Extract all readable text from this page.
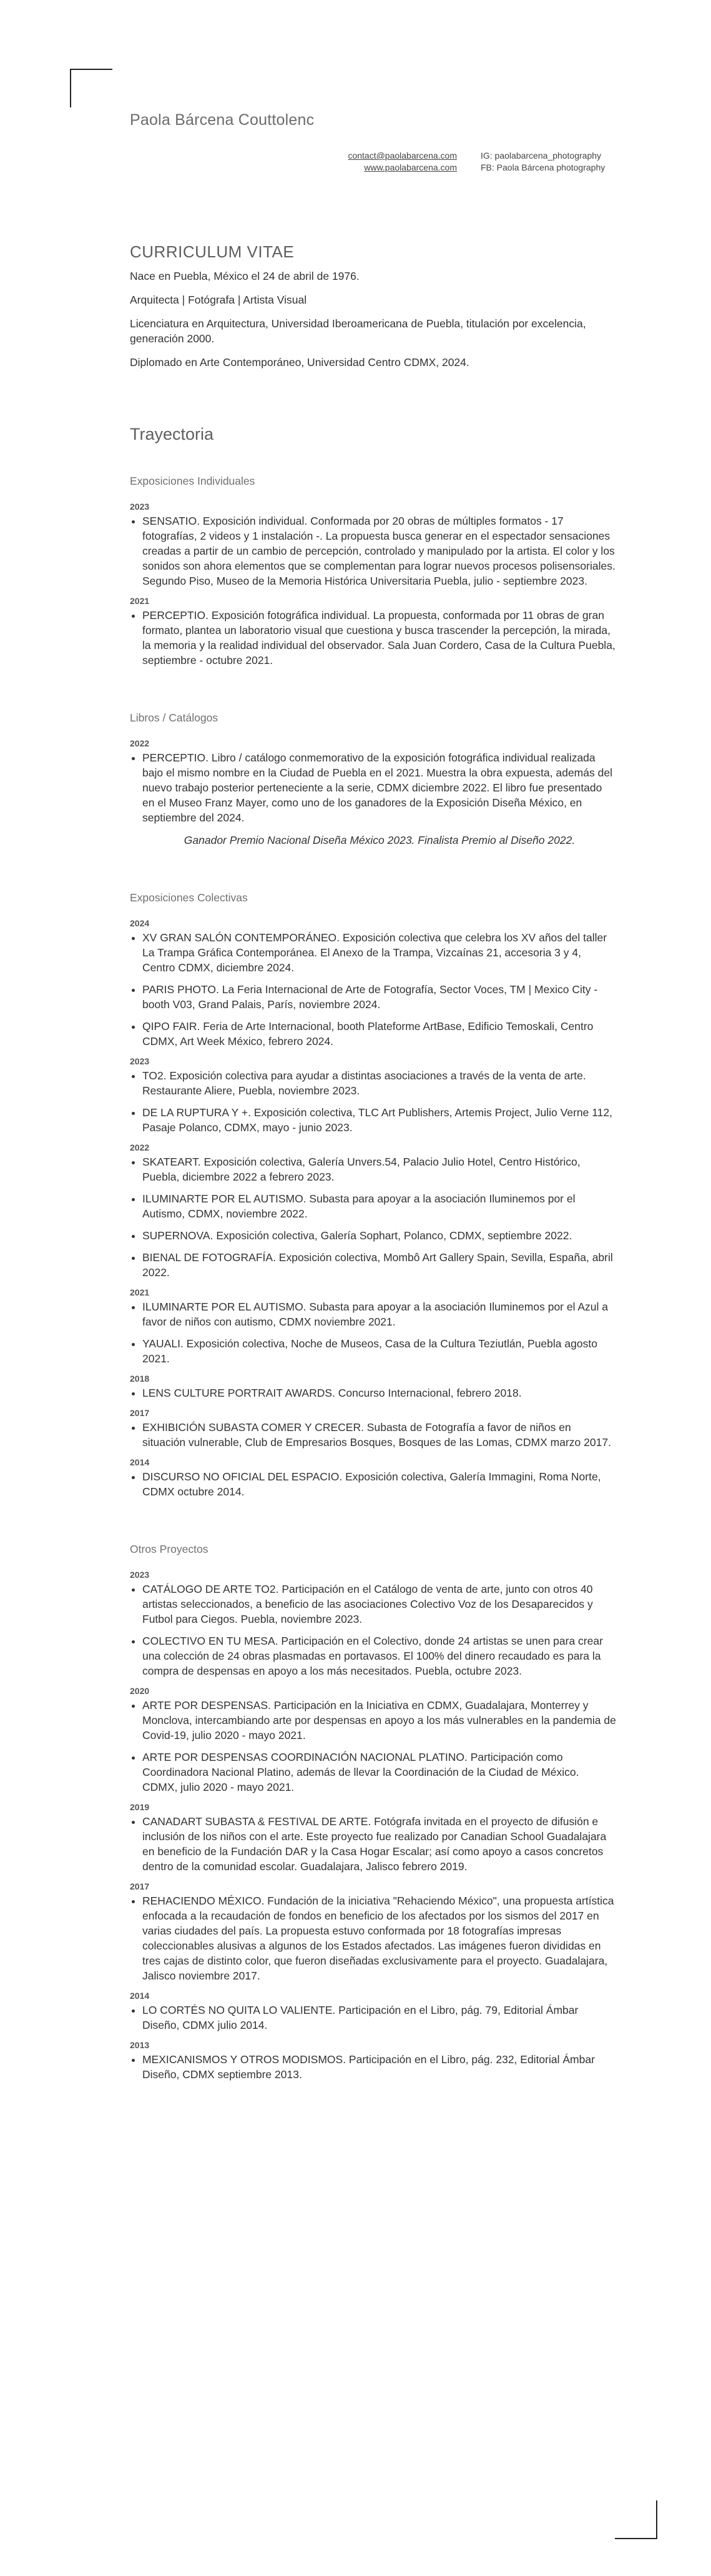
Paola Bárcena Couttolenc
contact@paolabarcena.com
www.paolabarcena.com
IG: paolabarcena_photography
FB: Paola Bárcena photography
CURRICULUM VITAE

Nace en Puebla, México el 24 de abril de 1976.

Arquitecta | Fotógrafa | Artista Visual

Licenciatura en Arquitectura, Universidad Iberoamericana de Puebla, titulación por excelencia, generación 2000.

Diplomado en Arte Contemporáneo, Universidad Centro CDMX, 2024.

Trayectoria
Exposiciones Individuales
2023
• SENSATIO. Exposición individual. Conformada por 20 obras de múltiples formatos - 17 fotografías, 2 videos y 1 instalación -. La propuesta busca generar en el espectador sensaciones creadas a partir de un cambio de percepción, controlado y manipulado por la artista. El color y los sonidos son ahora elementos que se complementan para lograr nuevos procesos polisensoriales. Segundo Piso, Museo de la Memoria Histórica Universitaria Puebla, julio - septiembre 2023.
2021
• PERCEPTIO. Exposición fotográfica individual. La propuesta, conformada por 11 obras de gran formato, plantea un laboratorio visual que cuestiona y busca trascender la percepción, la mirada, la memoria y la realidad individual del observador. Sala Juan Cordero, Casa de la Cultura Puebla, septiembre - octubre 2021.
Libros / Catálogos
2022
• PERCEPTIO. Libro / catálogo conmemorativo de la exposición fotográfica individual realizada bajo el mismo nombre en la Ciudad de Puebla en el 2021. Muestra la obra expuesta, además del nuevo trabajo posterior perteneciente a la serie, CDMX diciembre 2022. El libro fue presentado en el Museo Franz Mayer, como uno de los ganadores de la Exposición Diseña México, en septiembre del 2024.
Ganador Premio Nacional Diseña México 2023. Finalista Premio al Diseño 2022.
Exposiciones Colectivas
2024
• XV GRAN SALÓN CONTEMPORÁNEO. Exposición colectiva que celebra los XV años del taller La Trampa Gráfica Contemporánea. El Anexo de la Trampa, Vizcaínas 21, accesoria 3 y 4, Centro CDMX, diciembre 2024.
• PARIS PHOTO. La Feria Internacional de Arte de Fotografía, Sector Voces, TM | Mexico City - booth V03, Grand Palais, París, noviembre 2024.
• QIPO FAIR. Feria de Arte Internacional, booth Plateforme ArtBase, Edificio Temoskali, Centro CDMX, Art Week México, febrero 2024.
2023
• TO2. Exposición colectiva para ayudar a distintas asociaciones a través de la venta de arte. Restaurante Aliere, Puebla, noviembre 2023.
• DE LA RUPTURA Y +. Exposición colectiva, TLC Art Publishers, Artemis Project, Julio Verne 112, Pasaje Polanco, CDMX, mayo - junio 2023.
2022
• SKATEART. Exposición colectiva, Galería Unvers.54, Palacio Julio Hotel, Centro Histórico, Puebla, diciembre 2022 a febrero 2023.
• ILUMINARTE POR EL AUTISMO. Subasta para apoyar a la asociación Iluminemos por el Autismo, CDMX, noviembre 2022.
• SUPERNOVA. Exposición colectiva, Galería Sophart, Polanco, CDMX, septiembre 2022.
• BIENAL DE FOTOGRAFÍA. Exposición colectiva, Mombô Art Gallery Spain, Sevilla, España, abril 2022.
2021
• ILUMINARTE POR EL AUTISMO. Subasta para apoyar a la asociación Iluminemos por el Azul a favor de niños con autismo, CDMX noviembre 2021.
• YAUALI. Exposición colectiva, Noche de Museos, Casa de la Cultura Teziutlán, Puebla agosto 2021.
2018
• LENS CULTURE PORTRAIT AWARDS. Concurso Internacional, febrero 2018.
2017
• EXHIBICIÓN SUBASTA COMER Y CRECER. Subasta de Fotografía a favor de niños en situación vulnerable, Club de Empresarios Bosques, Bosques de las Lomas, CDMX marzo 2017.
2014
• DISCURSO NO OFICIAL DEL ESPACIO. Exposición colectiva, Galería Immagini, Roma Norte, CDMX octubre 2014.
Otros Proyectos
2023
• CATÁLOGO DE ARTE TO2. Participación en el Catálogo de venta de arte, junto con otros 40 artistas seleccionados, a beneficio de las asociaciones Colectivo Voz de los Desaparecidos y Futbol para Ciegos. Puebla, noviembre 2023.
• COLECTIVO EN TU MESA. Participación en el Colectivo, donde 24 artistas se unen para crear una colección de 24 obras plasmadas en portavasos. El 100% del dinero recaudado es para la compra de despensas en apoyo a los más necesitados. Puebla, octubre 2023.
2020
• ARTE POR DESPENSAS. Participación en la Iniciativa en CDMX, Guadalajara, Monterrey y Monclova, intercambiando arte por despensas en apoyo a los más vulnerables en la pandemia de Covid-19, julio 2020 - mayo 2021.
• ARTE POR DESPENSAS COORDINACIÓN NACIONAL PLATINO. Participación como Coordinadora Nacional Platino, además de llevar la Coordinación de la Ciudad de México. CDMX, julio 2020 - mayo 2021.
2019
• CANADART SUBASTA & FESTIVAL DE ARTE. Fotógrafa invitada en el proyecto de difusión e inclusión de los niños con el arte. Este proyecto fue realizado por Canadian School Guadalajara en beneficio de la Fundación DAR y la Casa Hogar Escalar; así como apoyo a casos concretos dentro de la comunidad escolar. Guadalajara, Jalisco febrero 2019.
2017
• REHACIENDO MÉXICO. Fundación de la iniciativa "Rehaciendo México", una propuesta artística enfocada a la recaudación de fondos en beneficio de los afectados por los sismos del 2017 en varias ciudades del país. La propuesta estuvo conformada por 18 fotografías impresas coleccionables alusivas a algunos de los Estados afectados. Las imágenes fueron divididas en tres cajas de distinto color, que fueron diseñadas exclusivamente para el proyecto. Guadalajara, Jalisco noviembre 2017.
2014
• LO CORTÉS NO QUITA LO VALIENTE. Participación en el Libro, pág. 79, Editorial Ámbar Diseño, CDMX julio 2014.
2013
• MEXICANISMOS Y OTROS MODISMOS. Participación en el Libro, pág. 232, Editorial Ámbar Diseño, CDMX septiembre 2013.
